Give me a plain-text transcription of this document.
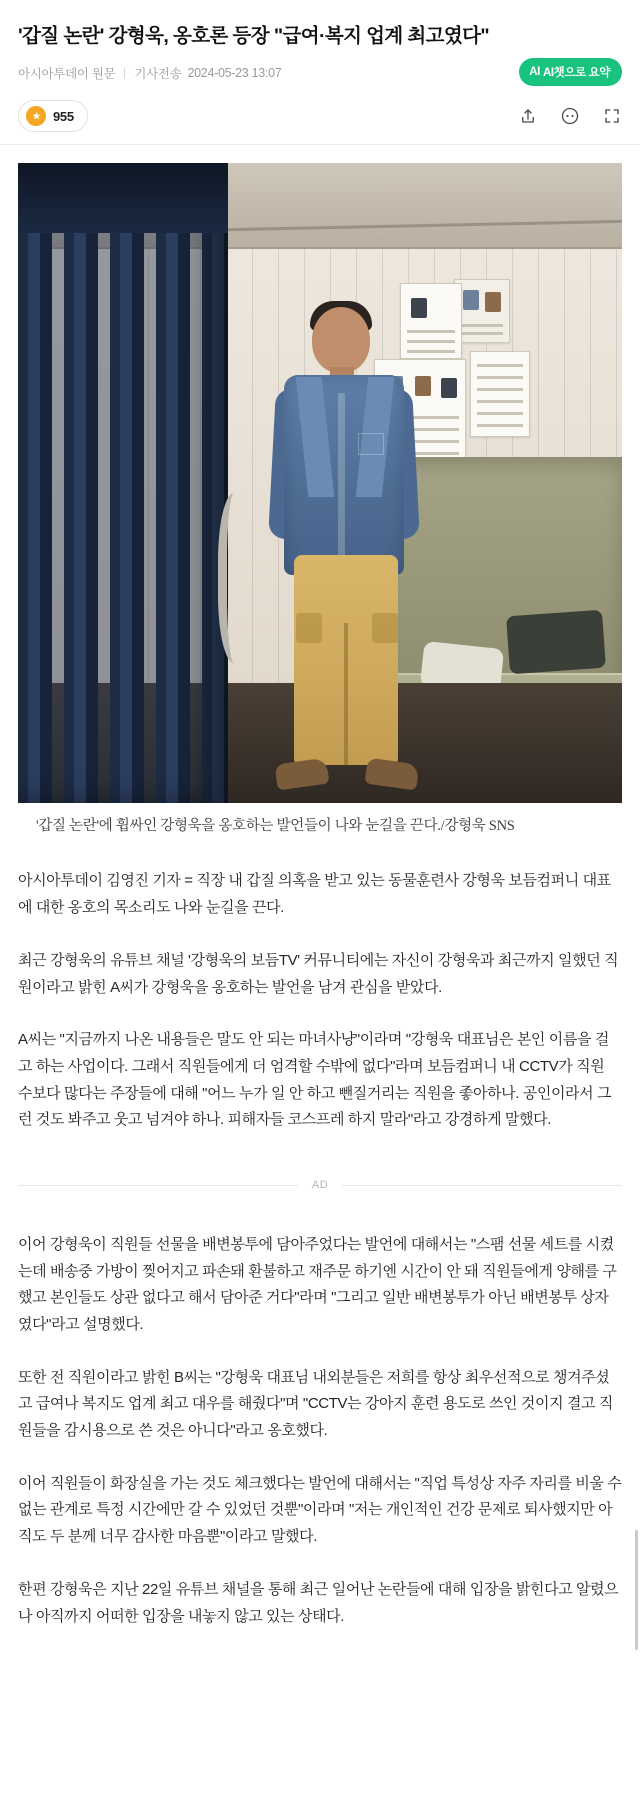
'갑질 논란' 강형욱, 옹호론 등장 "급여·복지 업계 최고였다"
아시아투데이 원문 기사전송 2024-05-23 13:07	AI AI챗으로 요약
955
'갑질 논란'에 휩싸인 강형욱을 옹호하는 발언들이 나와 눈길을 끈다./강형욱 SNS

아시아투데이 김영진 기자 = 직장 내 갑질 의혹을 받고 있는 동물훈련사 강형욱 보듬컴퍼니 대표에 대한 옹호의 목소리도 나와 눈길을 끈다.

최근 강형욱의 유튜브 채널 '강형욱의 보듬TV' 커뮤니티에는 자신이 강형욱과 최근까지 일했던 직원이라고 밝힌 A씨가 강형욱을 옹호하는 발언을 남겨 관심을 받았다.

A씨는 "지금까지 나온 내용들은 말도 안 되는 마녀사냥"이라며 "강형욱 대표님은 본인 이름을 걸고 하는 사업이다. 그래서 직원들에게 더 엄격할 수밖에 없다"라며 보듬컴퍼니 내 CCTV가 직원 수보다 많다는 주장들에 대해 "어느 누가 일 안 하고 뺀질거리는 직원을 좋아하나. 공인이라서 그런 것도 봐주고 웃고 넘겨야 하나. 피해자들 코스프레 하지 말라"라고 강경하게 말했다.

AD

이어 강형욱이 직원들 선물을 배변봉투에 담아주었다는 발언에 대해서는 "스팸 선물 세트를 시켰는데 배송중 가방이 찢어지고 파손돼 환불하고 재주문 하기엔 시간이 안 돼 직원들에게 양해를 구했고 본인들도 상관 없다고 해서 담아준 거다"라며 "그리고 일반 배변봉투가 아닌 배변봉투 상자였다"라고 설명했다.

또한 전 직원이라고 밝힌 B씨는 "강형욱 대표님 내외분들은 저희를 항상 최우선적으로 챙겨주셨고 급여나 복지도 업계 최고 대우를 해줬다"며 "CCTV는 강아지 훈련 용도로 쓰인 것이지 결고 직원들을 감시용으로 쓴 것은 아니다"라고 옹호했다.

이어 직원들이 화장실을 가는 것도 체크했다는 발언에 대해서는 "직업 특성상 자주 자리를 비울 수 없는 관계로 특정 시간에만 갈 수 있었던 것뿐"이라며 "저는 개인적인 건강 문제로 퇴사했지만 아직도 두 분께 너무 감사한 마음뿐"이라고 말했다.

한편 강형욱은 지난 22일 유튜브 채널을 통해 최근 일어난 논란들에 대해 입장을 밝힌다고 알렸으나 아직까지 어떠한 입장을 내놓지 않고 있는 상태다.
